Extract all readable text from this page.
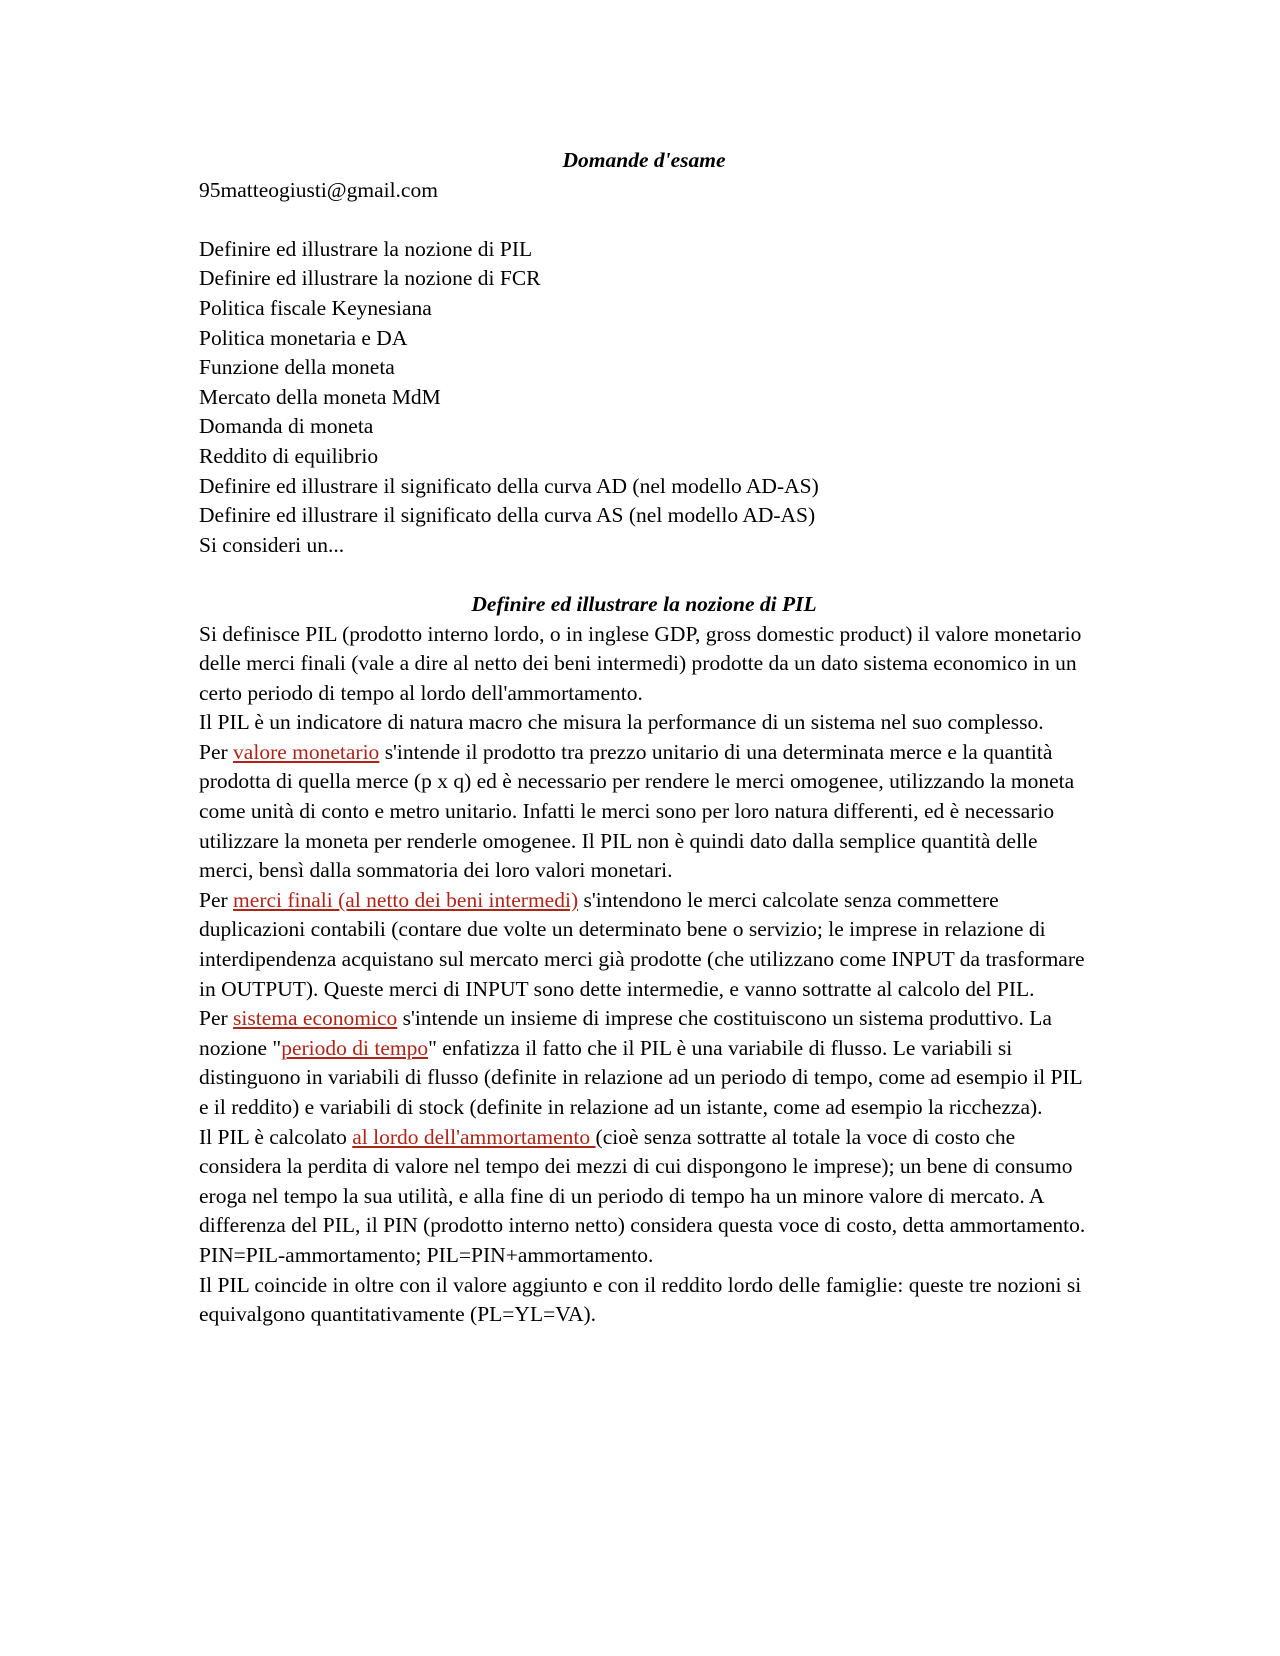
Domande d'esame

95matteogiusti@gmail.com

Definire ed illustrare la nozione di PIL
Definire ed illustrare la nozione di FCR
Politica fiscale Keynesiana
Politica monetaria e DA
Funzione della moneta
Mercato della moneta MdM
Domanda di moneta
Reddito di equilibrio
Definire ed illustrare il significato della curva AD (nel modello AD-AS)
Definire ed illustrare il significato della curva AS (nel modello AD-AS)
Si consideri un...

Definire ed illustrare la nozione di PIL

Si definisce PIL (prodotto interno lordo, o in inglese GDP, gross domestic product) il valore monetario delle merci finali (vale a dire al netto dei beni intermedi) prodotte da un dato sistema economico in un certo periodo di tempo al lordo dell'ammortamento.

Il PIL è un indicatore di natura macro che misura la performance di un sistema nel suo complesso.

Per valore monetario s'intende il prodotto tra prezzo unitario di una determinata merce e la quantità prodotta di quella merce (p x q) ed è necessario per rendere le merci omogenee, utilizzando la moneta come unità di conto e metro unitario. Infatti le merci sono per loro natura differenti, ed è necessario utilizzare la moneta per renderle omogenee. Il PIL non è quindi dato dalla semplice quantità delle merci, bensì dalla sommatoria dei loro valori monetari.

Per merci finali (al netto dei beni intermedi) s'intendono le merci calcolate senza commettere duplicazioni contabili (contare due volte un determinato bene o servizio; le imprese in relazione di interdipendenza acquistano sul mercato merci già prodotte (che utilizzano come INPUT da trasformare in OUTPUT). Queste merci di INPUT sono dette intermedie, e vanno sottratte al calcolo del PIL.

Per sistema economico s'intende un insieme di imprese che costituiscono un sistema produttivo. La nozione "periodo di tempo" enfatizza il fatto che il PIL è una variabile di flusso. Le variabili si distinguono in variabili di flusso (definite in relazione ad un periodo di tempo, come ad esempio il PIL e il reddito) e variabili di stock (definite in relazione ad un istante, come ad esempio la ricchezza).

Il PIL è calcolato al lordo dell'ammortamento (cioè senza sottratte al totale la voce di costo che considera la perdita di valore nel tempo dei mezzi di cui dispongono le imprese); un bene di consumo eroga nel tempo la sua utilità, e alla fine di un periodo di tempo ha un minore valore di mercato. A differenza del PIL, il PIN (prodotto interno netto) considera questa voce di costo, detta ammortamento. PIN=PIL-ammortamento; PIL=PIN+ammortamento.

Il PIL coincide in oltre con il valore aggiunto e con il reddito lordo delle famiglie: queste tre nozioni si equivalgono quantitativamente (PL=YL=VA).
